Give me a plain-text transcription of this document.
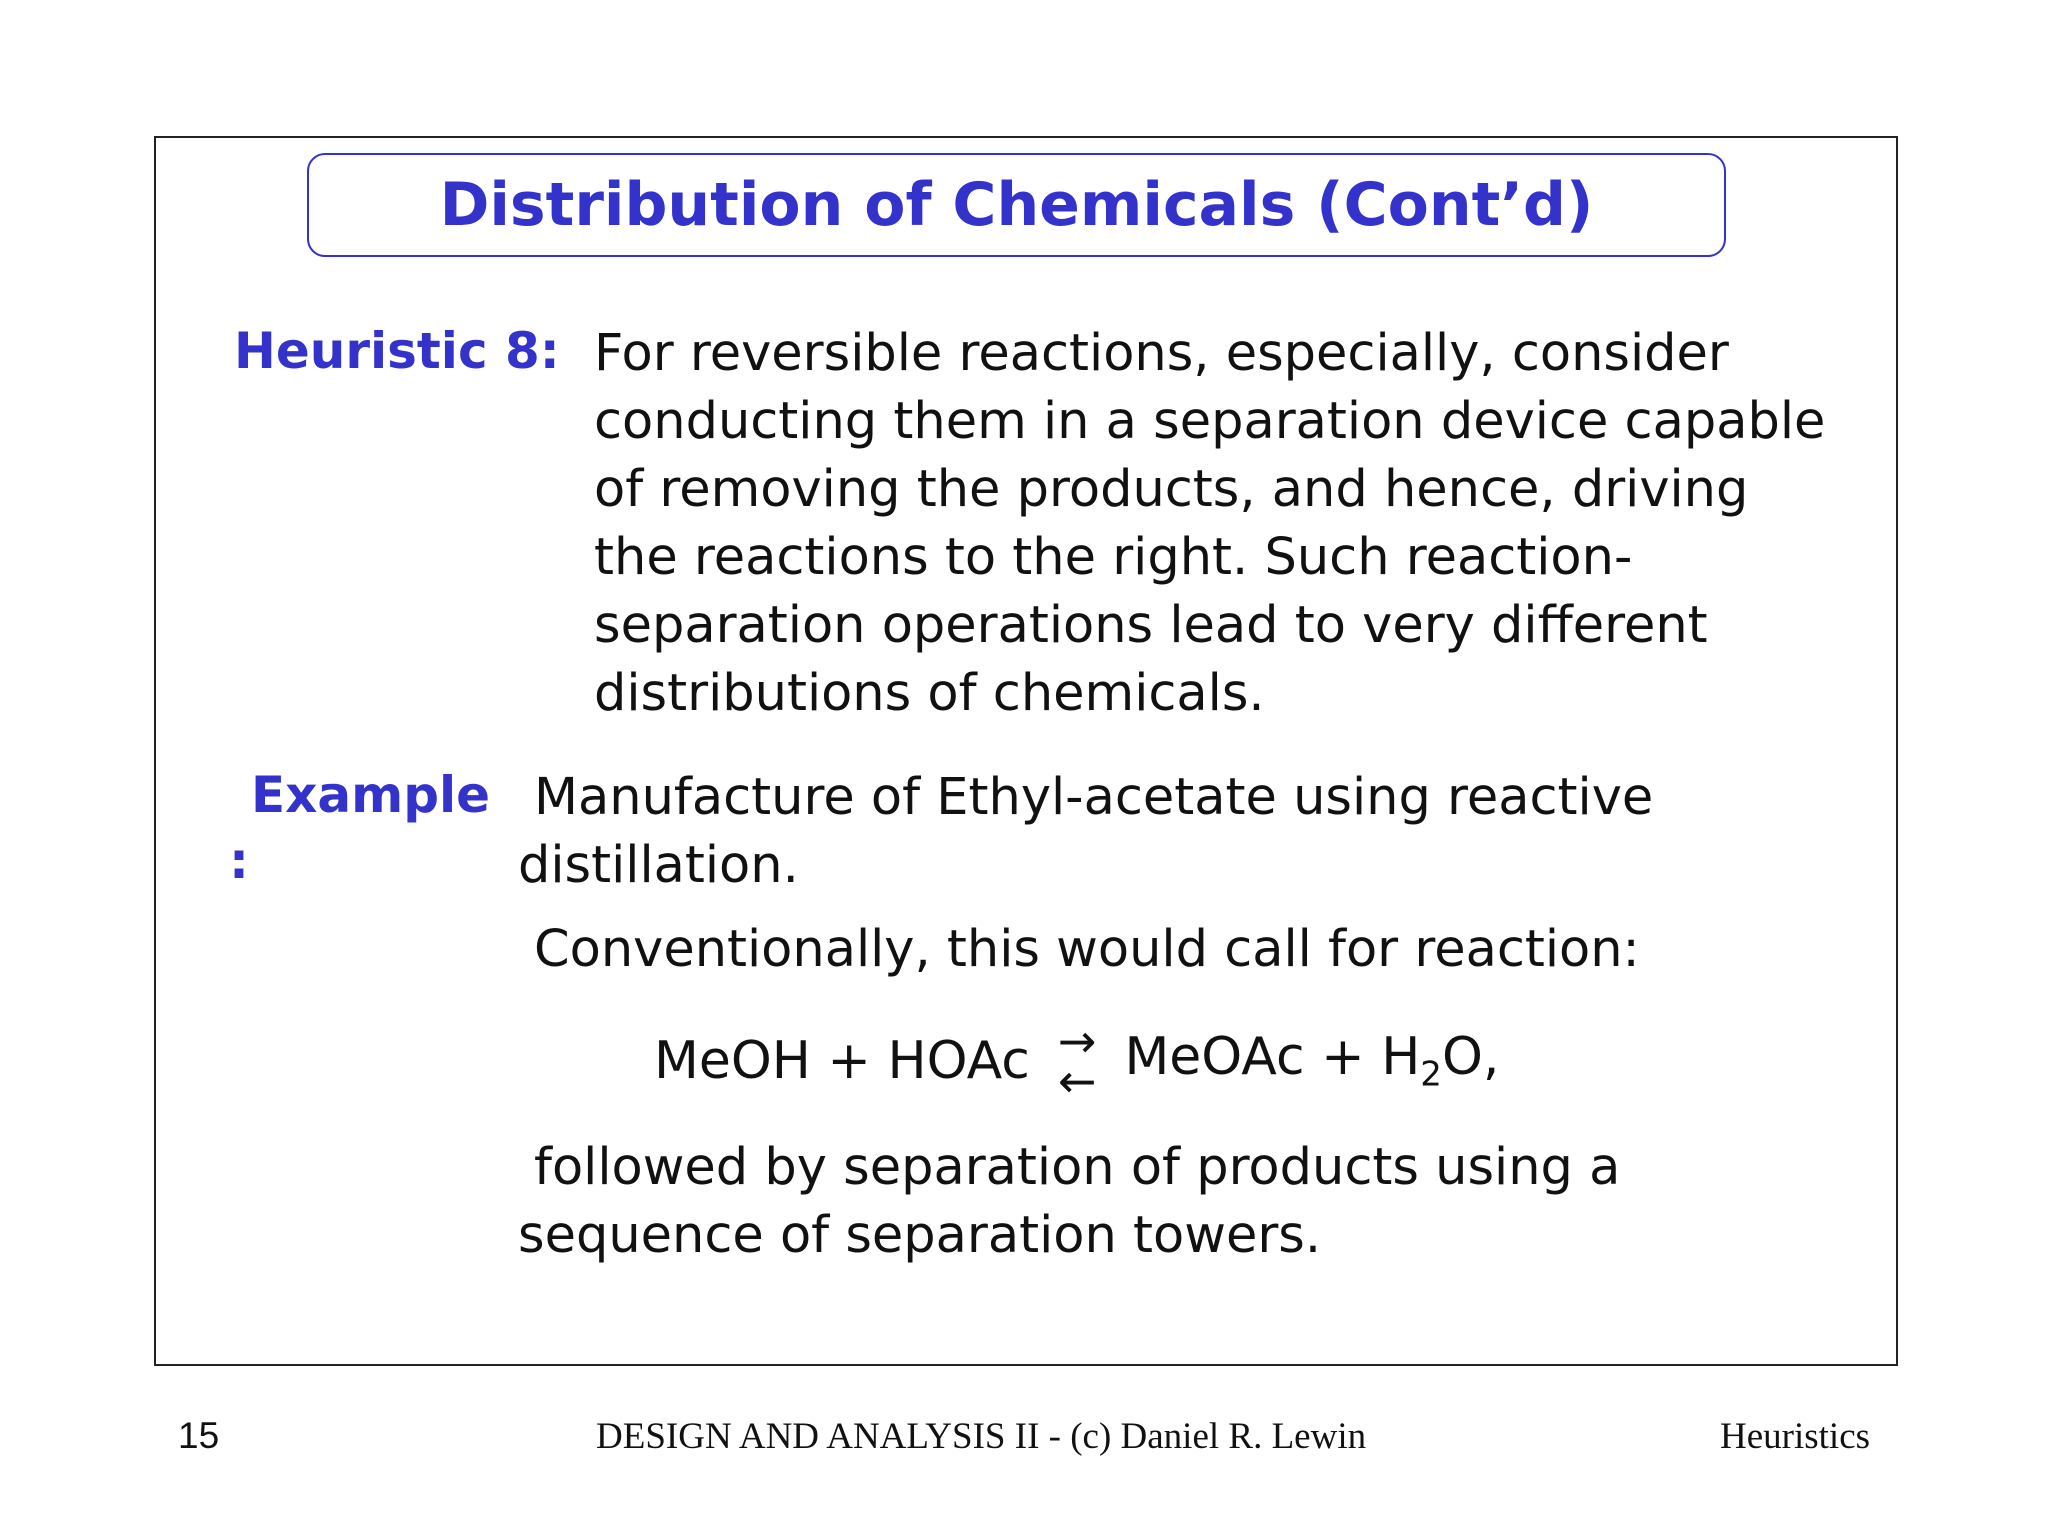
Distribution of Chemicals (Cont’d)
Heuristic 8: For reversible reactions, especially, consider
conducting them in a separation device capable
of removing the products, and hence, driving
the reactions to the right. Such reaction-
separation operations lead to very different
distributions of chemicals.
Example
:
Manufacture of Ethyl-acetate using reactive
distillation.
Conventionally, this would call for reaction:
MeOH + HOAc →
← MeOAc + $H_2O$,
followed by separation of products using a
sequence of separation towers.
15	DESIGN AND ANALYSIS II - (c) Daniel R. Lewin	Heuristics
